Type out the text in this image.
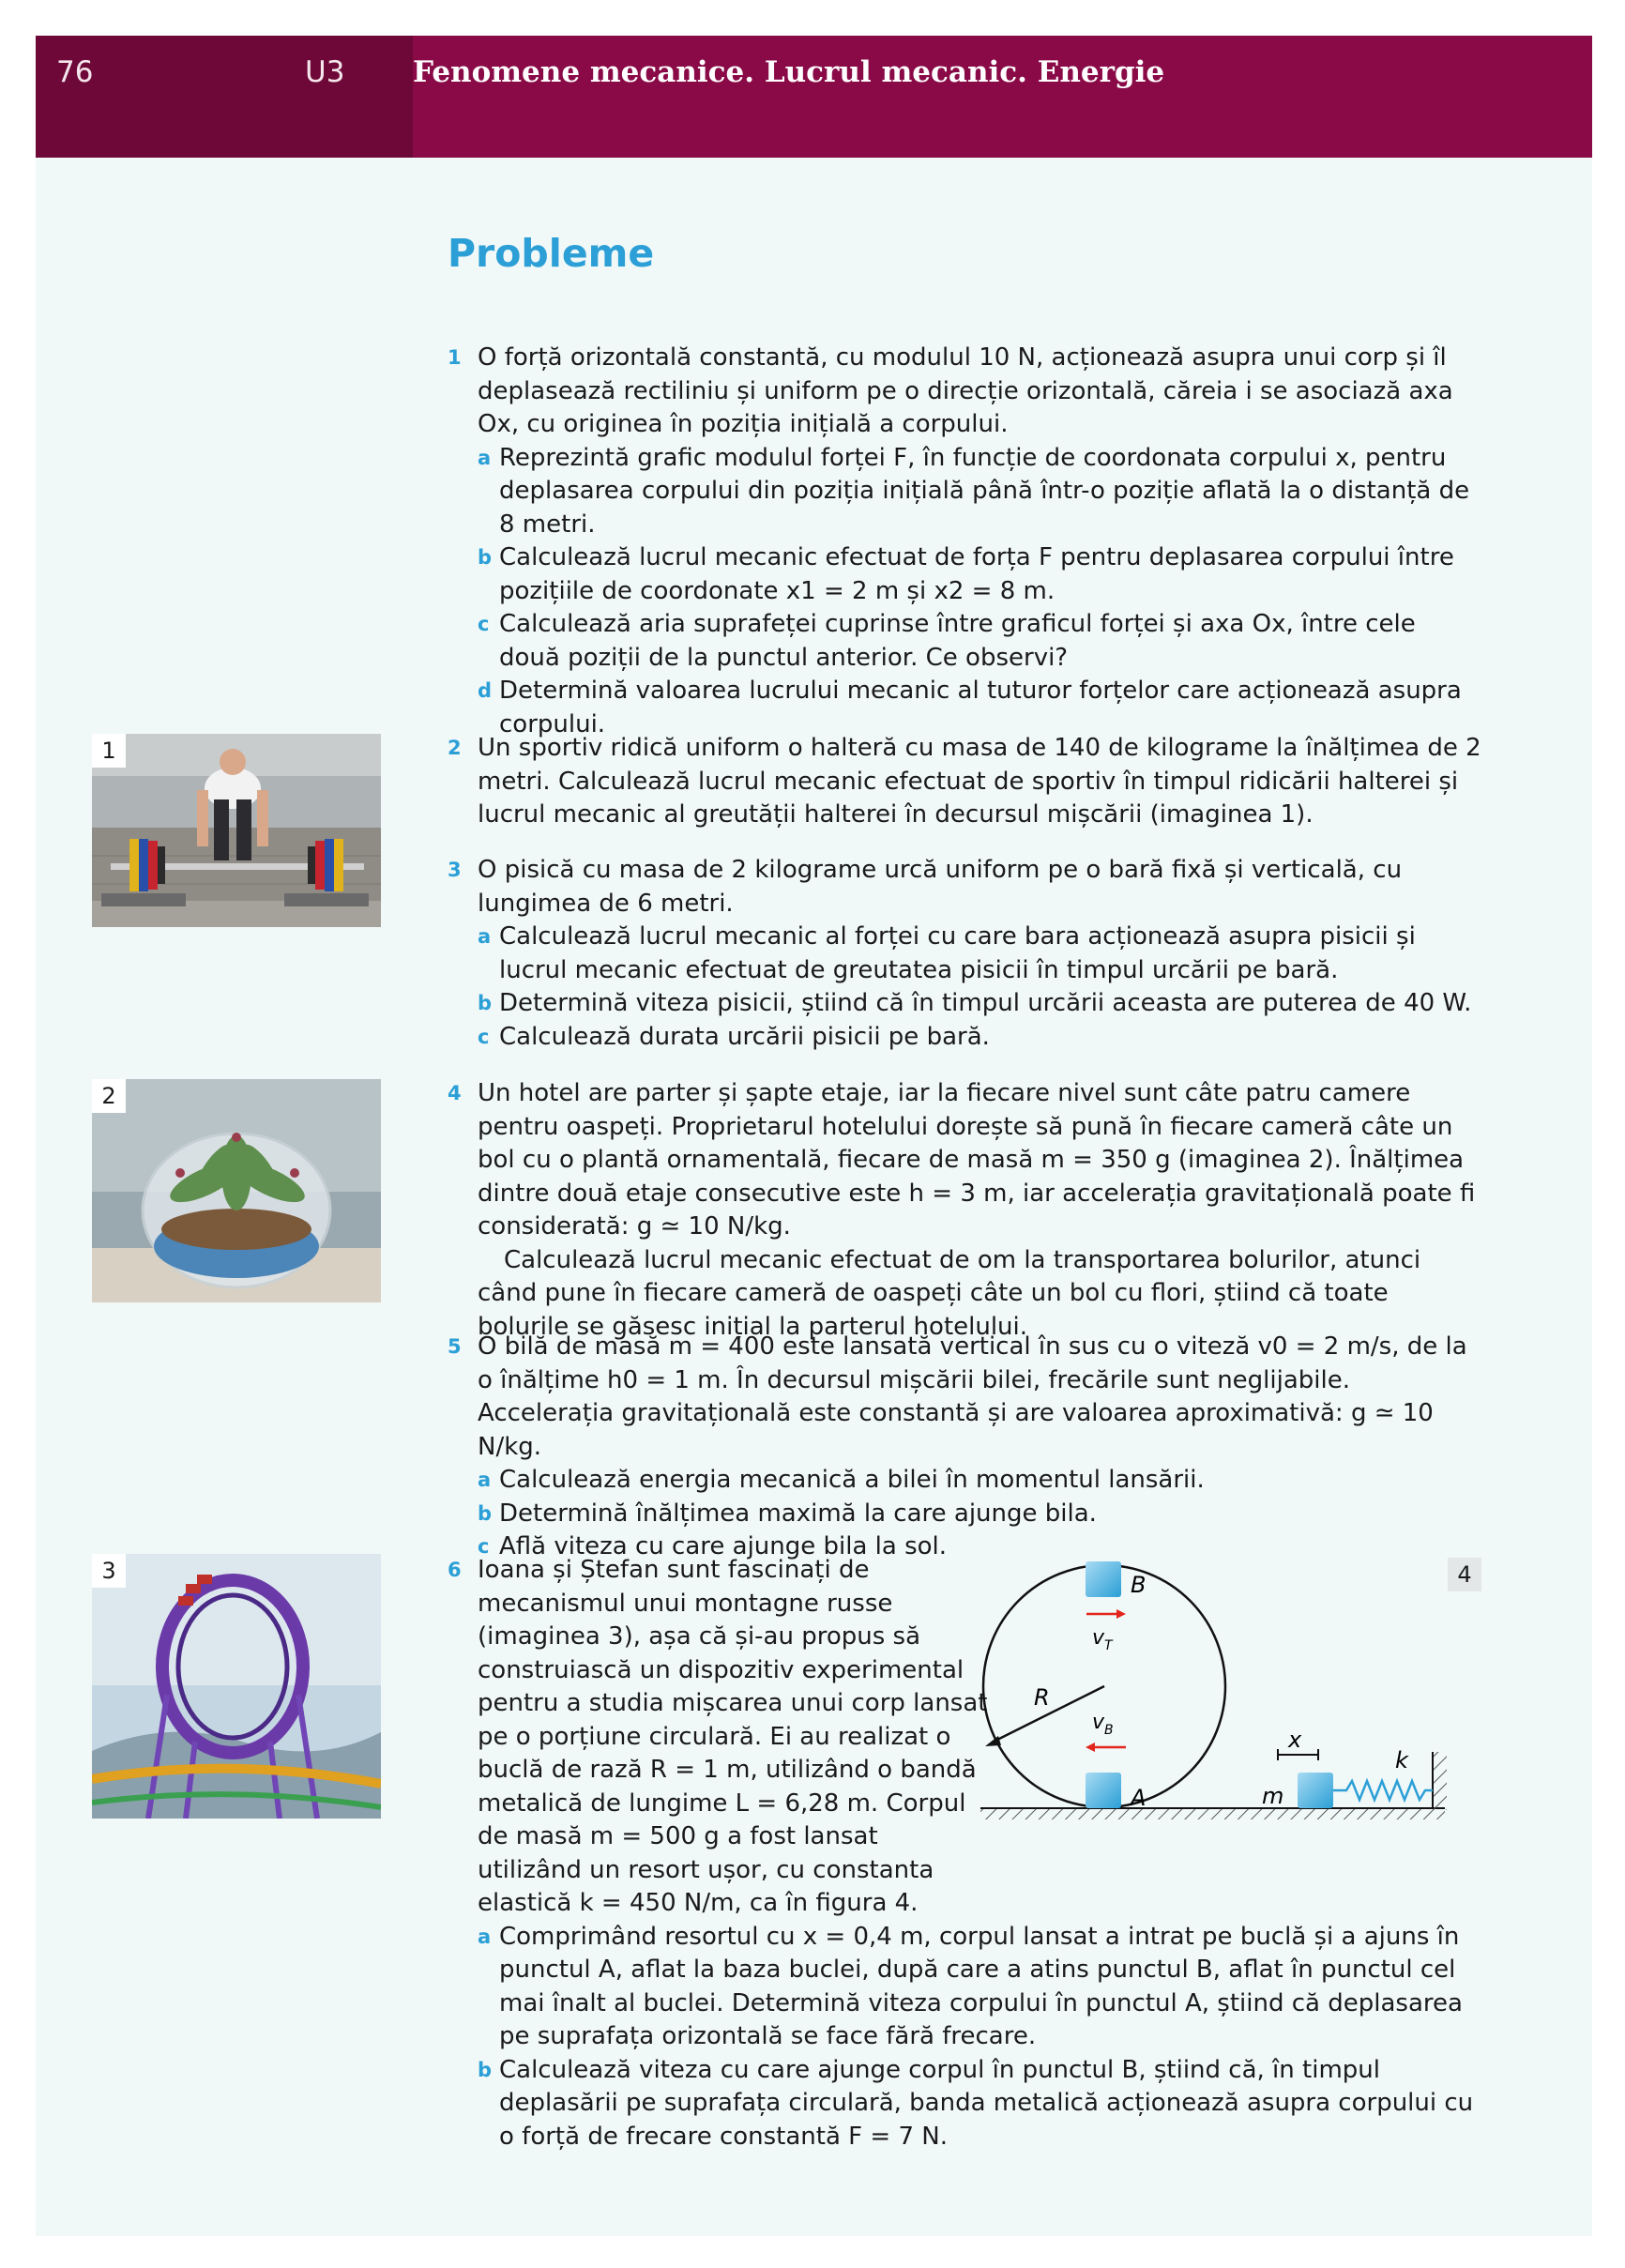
76	U3 Fenomene mecanice. Lucrul mecanic. Energie
Probleme
1 O forță orizontală constantă, cu modulul 10 N, acționează asupra unui corp și îl deplasează rectiliniu și uniform pe o direcție orizontală, căreia i se asociază axa Ox, cu originea în poziția inițială a corpului.
a Reprezintă grafic modulul forței F, în funcție de coordonata corpului x, pentru deplasarea corpului din poziția inițială până într-o poziție aflată la o distanță de 8 metri.
b Calculează lucrul mecanic efectuat de forța F pentru deplasarea corpului între pozițiile de coordonate x1 = 2 m și x2 = 8 m.
c Calculează aria suprafeței cuprinse între graficul forței și axa Ox, între cele două poziții de la punctul anterior. Ce observi?
d Determină valoarea lucrului mecanic al tuturor forțelor care acționează asupra corpului.
2 Un sportiv ridică uniform o halteră cu masa de 140 de kilograme la înălțimea de 2 metri. Calculează lucrul mecanic efectuat de sportiv în timpul ridicării halterei și lucrul mecanic al greutății halterei în decursul mișcării (imaginea 1).
3 O pisică cu masa de 2 kilograme urcă uniform pe o bară fixă și verticală, cu lungimea de 6 metri.
a Calculează lucrul mecanic al forței cu care bara acționează asupra pisicii și lucrul mecanic efectuat de greutatea pisicii în timpul urcării pe bară.
b Determină viteza pisicii, știind că în timpul urcării aceasta are puterea de 40 W.
c Calculează durata urcării pisicii pe bară.
4 Un hotel are parter și șapte etaje, iar la fiecare nivel sunt câte patru camere pentru oaspeți. Proprietarul hotelului dorește să pună în fiecare cameră câte un bol cu o plantă ornamentală, fiecare de masă m = 350 g (imaginea 2). Înălțimea dintre două etaje consecutive este h = 3 m, iar accelerația gravitațională poate fi considerată: g ≃ 10 N/kg.
Calculează lucrul mecanic efectuat de om la transportarea bolurilor, atunci când pune în fiecare cameră de oaspeți câte un bol cu flori, știind că toate bolurile se găsesc inițial la parterul hotelului.
5 O bilă de masă m = 400 este lansată vertical în sus cu o viteză v0 = 2 m/s, de la o înălțime h0 = 1 m. În decursul mișcării bilei, frecările sunt neglijabile. Accelerația gravitațională este constantă și are valoarea aproximativă: g ≃ 10 N/kg.
a Calculează energia mecanică a bilei în momentul lansării.
b Determină înălțimea maximă la care ajunge bila.
c Află viteza cu care ajunge bila la sol.
6 Ioana și Ștefan sunt fascinați de mecanismul unui montagne russe (imaginea 3), așa că și-au propus să construiască un dispozitiv experimental pentru a studia mișcarea unui corp lansat pe o porțiune circulară. Ei au realizat o buclă de rază R = 1 m, utilizând o bandă metalică de lungime L = 6,28 m. Corpul de masă m = 500 g a fost lansat utilizând un resort ușor, cu constanta elastică k = 450 N/m, ca în figura 4.
a Comprimând resortul cu x = 0,4 m, corpul lansat a intrat pe buclă și a ajuns în punctul A, aflat la baza buclei, după care a atins punctul B, aflat în punctul cel mai înalt al buclei. Determină viteza corpului în punctul A, știind că deplasarea pe suprafața orizontală se face fără frecare.
b Calculează viteza cu care ajunge corpul în punctul B, știind că, în timpul deplasării pe suprafața circulară, banda metalică acționează asupra corpului cu o forță de frecare constantă F = 7 N.
1
2
3
B
$v_T$
A
$v_B$
R
x
m
k
4
